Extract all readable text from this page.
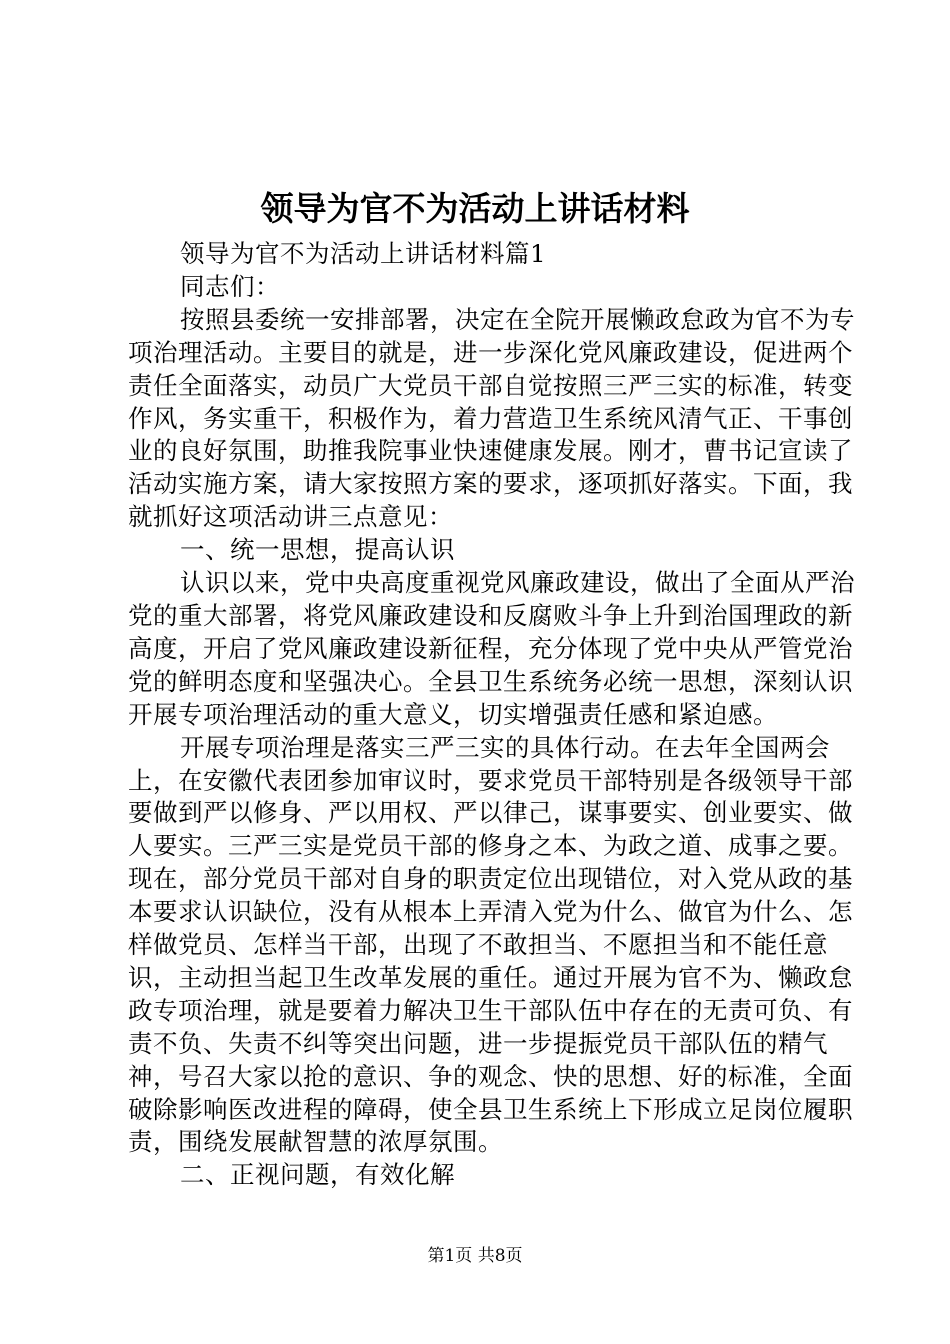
领导为官不为活动上讲话材料

领导为官不为活动上讲话材料篇1

同志们：

按照县委统一安排部署，决定在全院开展懒政怠政为官不为专项治理活动。主要目的就是，进一步深化党风廉政建设，促进两个责任全面落实，动员广大党员干部自觉按照三严三实的标准，转变作风，务实重干，积极作为，着力营造卫生系统风清气正、干事创业的良好氛围，助推我院事业快速健康发展。刚才，曹书记宣读了活动实施方案，请大家按照方案的要求，逐项抓好落实。下面，我就抓好这项活动讲三点意见：

一、统一思想，提高认识

认识以来，党中央高度重视党风廉政建设，做出了全面从严治党的重大部署，将党风廉政建设和反腐败斗争上升到治国理政的新高度，开启了党风廉政建设新征程，充分体现了党中央从严管党治党的鲜明态度和坚强决心。全县卫生系统务必统一思想，深刻认识开展专项治理活动的重大意义，切实增强责任感和紧迫感。

开展专项治理是落实三严三实的具体行动。在去年全国两会上，在安徽代表团参加审议时，要求党员干部特别是各级领导干部要做到严以修身、严以用权、严以律己，谋事要实、创业要实、做人要实。三严三实是党员干部的修身之本、为政之道、成事之要。现在，部分党员干部对自身的职责定位出现错位，对入党从政的基本要求认识缺位，没有从根本上弄清入党为什么、做官为什么、怎样做党员、怎样当干部，出现了不敢担当、不愿担当和不能任意识，主动担当起卫生改革发展的重任。通过开展为官不为、懒政怠政专项治理，就是要着力解决卫生干部队伍中存在的无责可负、有责不负、失责不纠等突出问题，进一步提振党员干部队伍的精气神，号召大家以抢的意识、争的观念、快的思想、好的标准，全面破除影响医改进程的障碍，使全县卫生系统上下形成立足岗位履职责，围绕发展献智慧的浓厚氛围。

二、正视问题，有效化解

第1页 共8页
